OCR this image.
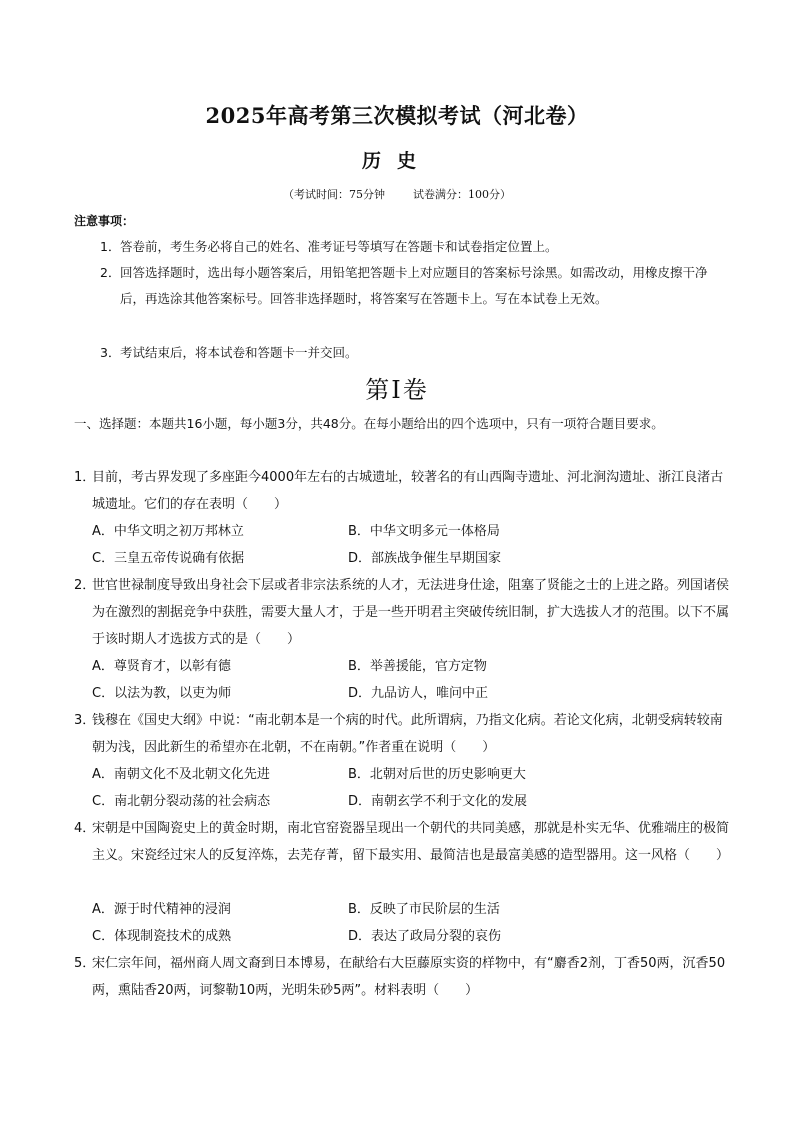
2025年高考第三次模拟考试（河北卷）
历史
（考试时间：75分钟	试卷满分：100分）
注意事项：
1． 答卷前，考生务必将自己的姓名、准考证号等填写在答题卡和试卷指定位置上。
2． 回答选择题时，选出每小题答案后，用铅笔把答题卡上对应题目的答案标号涂黑。如需改动，用橡皮擦干净后，再选涂其他答案标号。回答非选择题时，将答案写在答题卡上。写在本试卷上无效。
3． 考试结束后，将本试卷和答题卡一并交回。
第Ⅰ卷
一、选择题：本题共16小题，每小题3分，共48分。在每小题给出的四个选项中，只有一项符合题目要求。
1．
目前，考古界发现了多座距今4000年左右的古城遗址，较著名的有山西陶寺遗址、河北涧沟遗址、浙江良渚古城遗址。它们的存在表明（　　）
A．中华文明之初万邦林立	B．中华文明多元一体格局
C．三皇五帝传说确有依据	D．部族战争催生早期国家
2．
世官世禄制度导致出身社会下层或者非宗法系统的人才，无法进身仕途，阻塞了贤能之士的上进之路。列国诸侯为在激烈的割据竞争中获胜，需要大量人才，于是一些开明君主突破传统旧制，扩大选拔人才的范围。以下不属于该时期人才选拔方式的是（　　）
A．尊贤育才，以彰有德	B．举善援能，官方定物
C．以法为教，以吏为师	D．九品访人，唯问中正
3．
钱穆在《国史大纲》中说：“南北朝本是一个病的时代。此所谓病，乃指文化病。若论文化病，北朝受病转较南朝为浅，因此新生的希望亦在北朝，不在南朝。”作者重在说明（　　）
A．南朝文化不及北朝文化先进	B．北朝对后世的历史影响更大
C．南北朝分裂动荡的社会病态	D．南朝玄学不利于文化的发展
4．
宋朝是中国陶瓷史上的黄金时期，南北官窑瓷器呈现出一个朝代的共同美感，那就是朴实无华、优雅端庄的极简主义。宋瓷经过宋人的反复淬炼，去芜存菁，留下最实用、最简洁也是最富美感的造型器用。这一风格（　　）
A．源于时代精神的浸润	B．反映了市民阶层的生活
C．体现制瓷技术的成熟	D．表达了政局分裂的哀伤
5．
宋仁宗年间，福州商人周文裔到日本博易，在献给右大臣藤原实资的样物中，有“麝香2剂，丁香50两，沉香50两，熏陆香20两，诃黎勒10两，光明朱砂5两”。材料表明（　　）
